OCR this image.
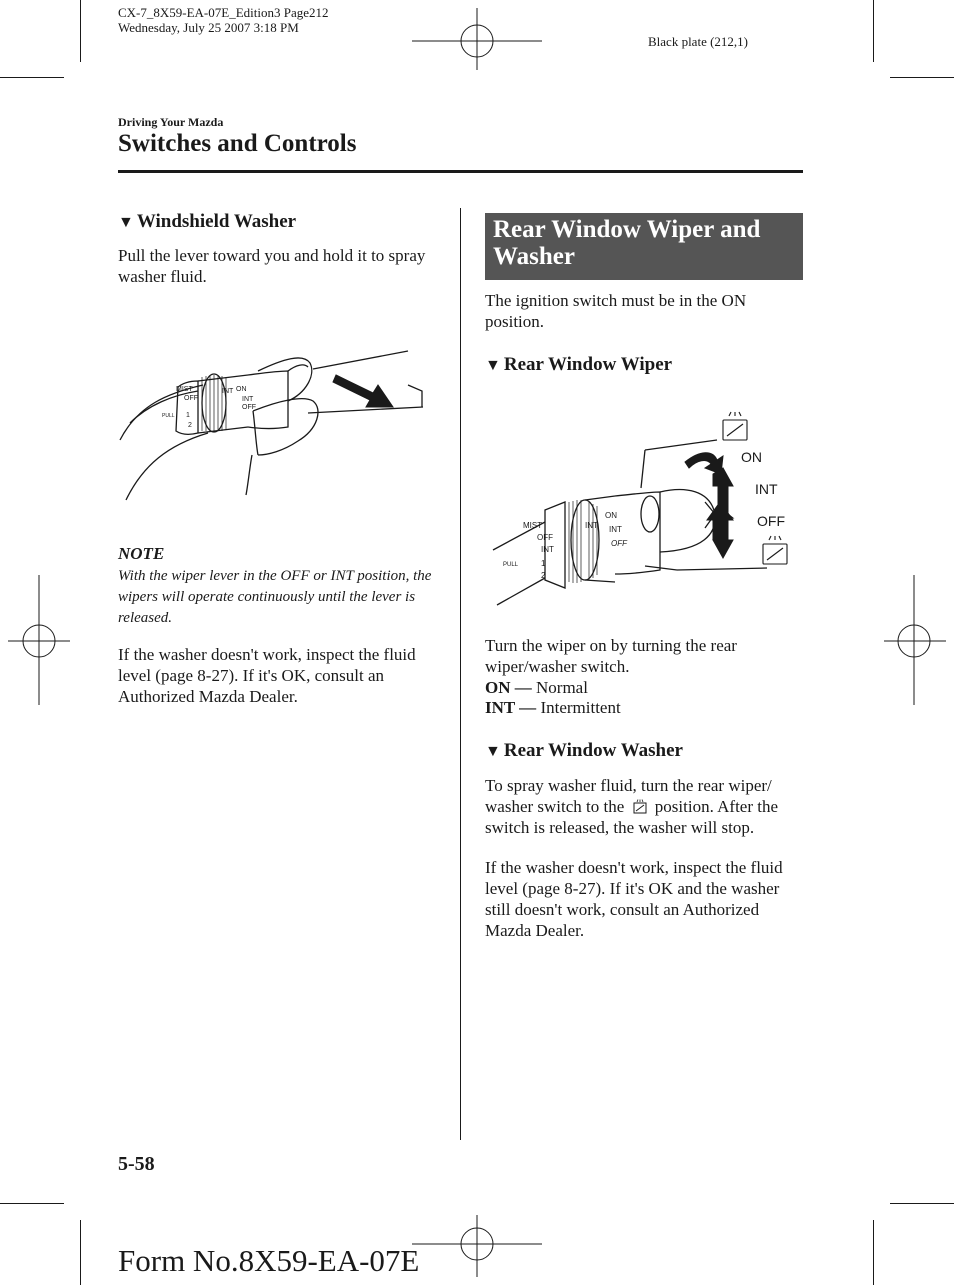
CX-7_8X59-EA-07E_Edition3 Page212
Wednesday, July 25 2007 3:18 PM
Black plate (212,1)
Driving Your Mazda
Switches and Controls
▼ Windshield Washer

Pull the lever toward you and hold it to spray washer fluid.

MIST
OFF
INT ON
INT
OFF
1
2
PULL
NOTE

With the wiper lever in the OFF or INT position, the wipers will operate continuously until the lever is released.

If the washer doesn't work, inspect the fluid level (page 8-27). If it's OK, consult an Authorized Mazda Dealer.

Rear Window Wiper and Washer

The ignition switch must be in the ON position.

▼ Rear Window Wiper
ON
INT
OFF
MIST
OFF
INT
1
2
PULL
INT
ON
INT
OFF

Turn the wiper on by turning the rear wiper/washer switch.

ON — Normal

INT — Intermittent

▼ Rear Window Washer

To spray washer fluid, turn the rear wiper/ washer switch to the position. After the switch is released, the washer will stop.

If the washer doesn't work, inspect the fluid level (page 8-27). If it's OK and the washer still doesn't work, consult an Authorized Mazda Dealer.

5-58
Form No.8X59-EA-07E
